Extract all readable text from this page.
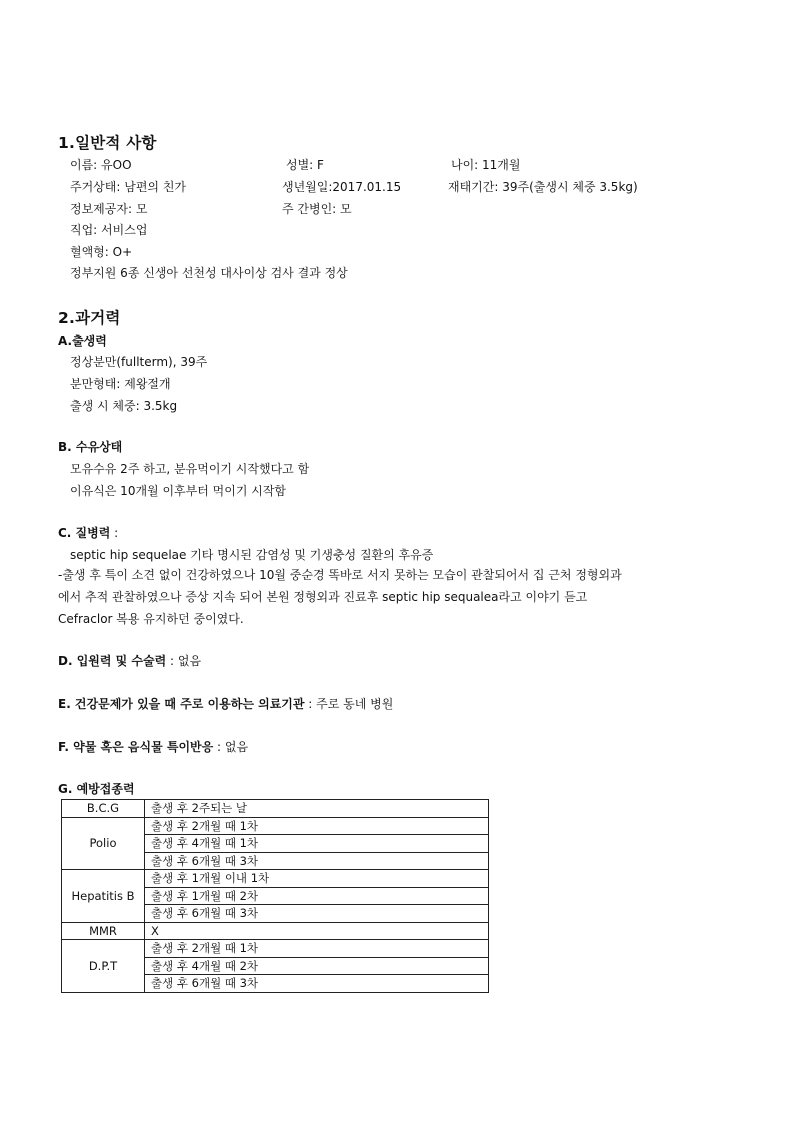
1.일반적 사항
이름: 유OO	성별: F	나이: 11개월
주거상태: 남편의 친가	생년월일:2017.01.15	재태기간: 39주(출생시 체중 3.5kg)
정보제공자: 모	주 간병인: 모
직업: 서비스업
혈액형: O+
정부지원 6종 신생아 선천성 대사이상 검사 결과 정상
2.과거력
A.출생력
정상분만(fullterm), 39주
분만형태: 제왕절개
출생 시 체중: 3.5kg
B. 수유상태
모유수유 2주 하고, 분유먹이기 시작했다고 함
이유식은 10개월 이후부터 먹이기 시작함
C. 질병력 :
septic hip sequelae 기타 명시된 감염성 및 기생충성 질환의 후유증
-출생 후 특이 소견 없이 건강하였으나 10월 중순경 똑바로 서지 못하는 모습이 관찰되어서 집 근처 정형외과
에서 추적 관찰하였으나 증상 지속 되어 본원 정형외과 진료후 septic hip sequalea라고 이야기 듣고
Cefraclor 복용 유지하던 중이였다.
D. 입원력 및 수술력 : 없음
E. 건강문제가 있을 때 주로 이용하는 의료기관 : 주로 동네 병원
F. 약물 혹은 음식물 특이반응 : 없음
G. 예방접종력
B.C.G	출생 후 2주되는 날
Polio	출생 후 2개월 때 1차
	출생 후 4개월 때 1차
	출생 후 6개월 때 3차
Hepatitis B	출생 후 1개월 이내 1차
	출생 후 1개월 때 2차
	출생 후 6개월 때 3차
MMR	X
D.P.T	출생 후 2개월 때 1차
	출생 후 4개월 때 2차
	출생 후 6개월 때 3차
